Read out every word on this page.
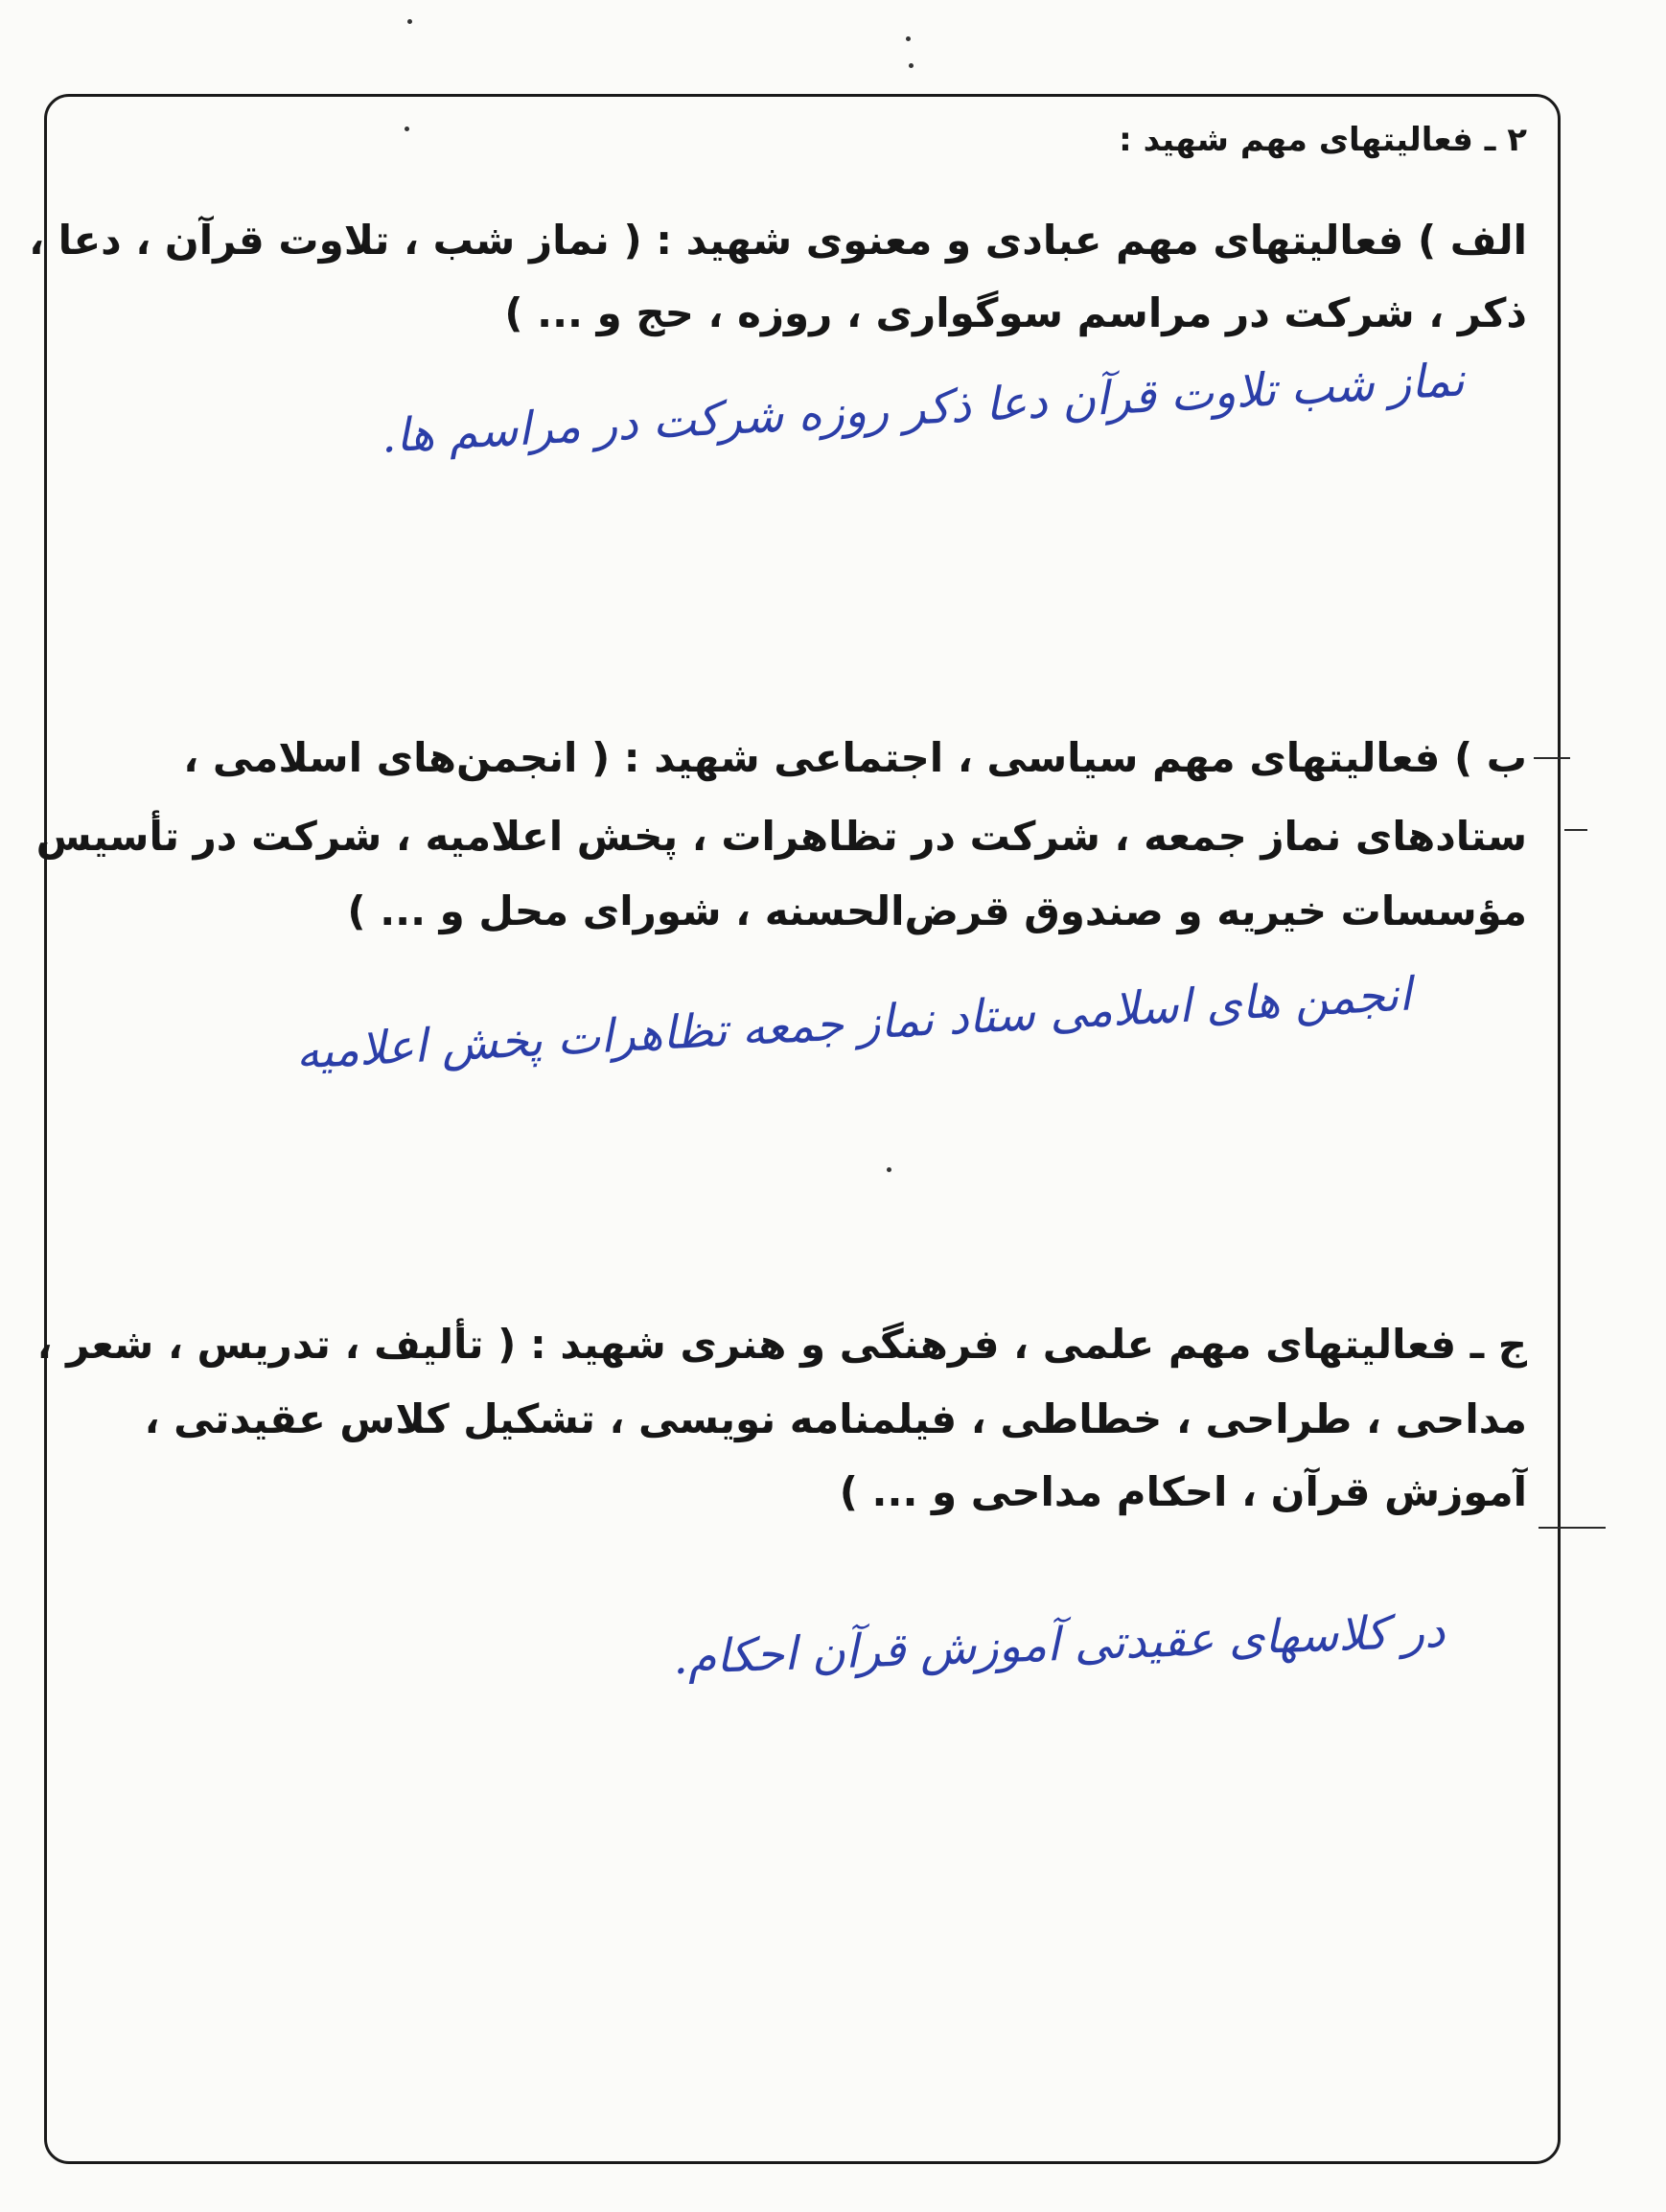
۲ ـ فعالیتهای مهم شهید :
الف ) فعالیتهای مهم عبادی و معنوی شهید : ( نماز شب ، تلاوت قرآن ، دعا ،
ذکر ، شرکت در مراسم سوگواری ، روزه ، حج و ... )
نماز شب تلاوت قرآن دعا ذکر روزه شرکت در مراسم ها.
ب ) فعالیتهای مهم سیاسی ، اجتماعی شهید : ( انجمن‌های اسلامی ،
ستادهای نماز جمعه ، شرکت در تظاهرات ، پخش اعلامیه ، شرکت در تأسیس
مؤسسات خیریه و صندوق قرض‌الحسنه ، شورای محل و ... )
انجمن های اسلامی ستاد نماز جمعه تظاهرات پخش اعلامیه
ج ـ فعالیتهای مهم علمی ، فرهنگی و هنری شهید : ( تألیف ، تدریس ، شعر ،
مداحی ، طراحی ، خطاطی ، فیلمنامه نویسی ، تشکیل کلاس عقیدتی ،
آموزش قرآن ، احکام مداحی و ... )
در کلاسهای عقیدتی آموزش قرآن احکام.
